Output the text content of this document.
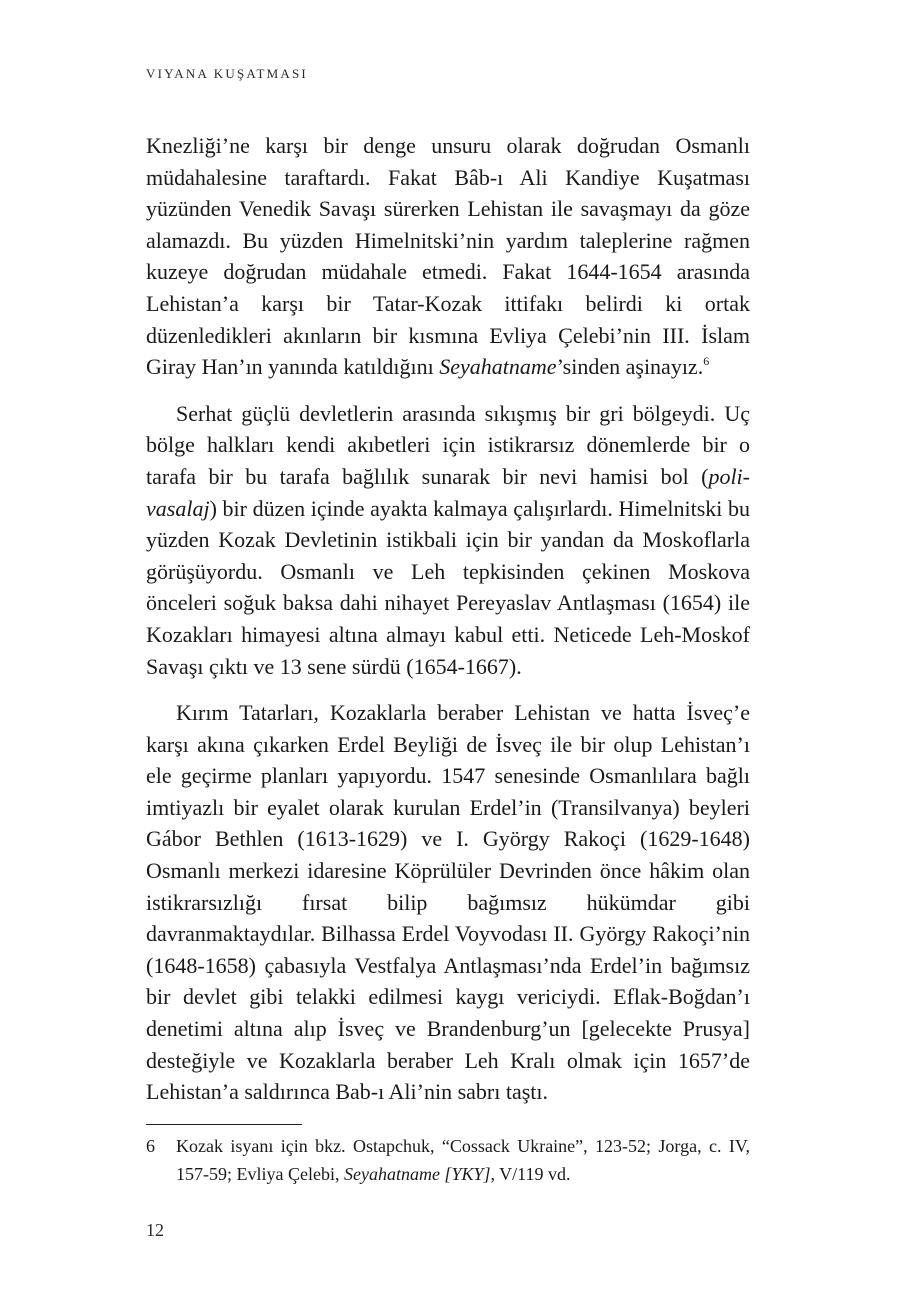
VIYANA KUŞATMASI

Knezliği’ne karşı bir denge unsuru olarak doğrudan Osmanlı müdahalesine taraftardı. Fakat Bâb-ı Ali Kandiye Kuşatması yüzünden Venedik Savaşı sürerken Lehistan ile savaşmayı da göze alamazdı. Bu yüzden Himelnitski’nin yardım taleplerine rağmen kuzeye doğrudan müdahale etmedi. Fakat 1644-1654 arasında Lehistan’a karşı bir Tatar-Kozak ittifakı belirdi ki ortak düzenledikleri akınların bir kısmına Evliya Çelebi’nin III. İslam Giray Han’ın yanında katıldığını Seyahatname’sinden aşinayız.$^6$

Serhat güçlü devletlerin arasında sıkışmış bir gri bölgeydi. Uç bölge halkları kendi akıbetleri için istikrarsız dönemlerde bir o tarafa bir bu tarafa bağlılık sunarak bir nevi hamisi bol (poli-vasalaj) bir düzen içinde ayakta kalmaya çalışırlardı. Himelnitski bu yüzden Kozak Devletinin istikbali için bir yandan da Moskoflarla görüşüyordu. Osmanlı ve Leh tepkisinden çekinen Moskova önceleri soğuk baksa dahi nihayet Pereyaslav Antlaşması (1654) ile Kozakları himayesi altına almayı kabul etti. Neticede Leh-Moskof Savaşı çıktı ve 13 sene sürdü (1654-1667).

Kırım Tatarları, Kozaklarla beraber Lehistan ve hatta İsveç’e karşı akına çıkarken Erdel Beyliği de İsveç ile bir olup Lehistan’ı ele geçirme planları yapıyordu. 1547 senesinde Osmanlılara bağlı imtiyazlı bir eyalet olarak kurulan Erdel’in (Transilvanya) beyleri Gábor Bethlen (1613-1629) ve I. György Rakoçi (1629-1648) Osmanlı merkezi idaresine Köprülüler Devrinden önce hâkim olan istikrarsızlığı fırsat bilip bağımsız hükümdar gibi davranmaktaydılar. Bilhassa Erdel Voyvodası II. György Rakoçi’nin (1648-1658) çabasıyla Vestfalya Antlaşması’nda Erdel’in bağımsız bir devlet gibi telakki edilmesi kaygı vericiydi. Eflak-Boğdan’ı denetimi altına alıp İsveç ve Brandenburg’un [gelecekte Prusya] desteğiyle ve Kozaklarla beraber Leh Kralı olmak için 1657’de Lehistan’a saldırınca Bab-ı Ali’nin sabrı taştı.

6	Kozak isyanı için bkz. Ostapchuk, “Cossack Ukraine”, 123-52; Jorga, c. IV, 157-59; Evliya Çelebi, Seyahatname [YKY], V/119 vd.
12
